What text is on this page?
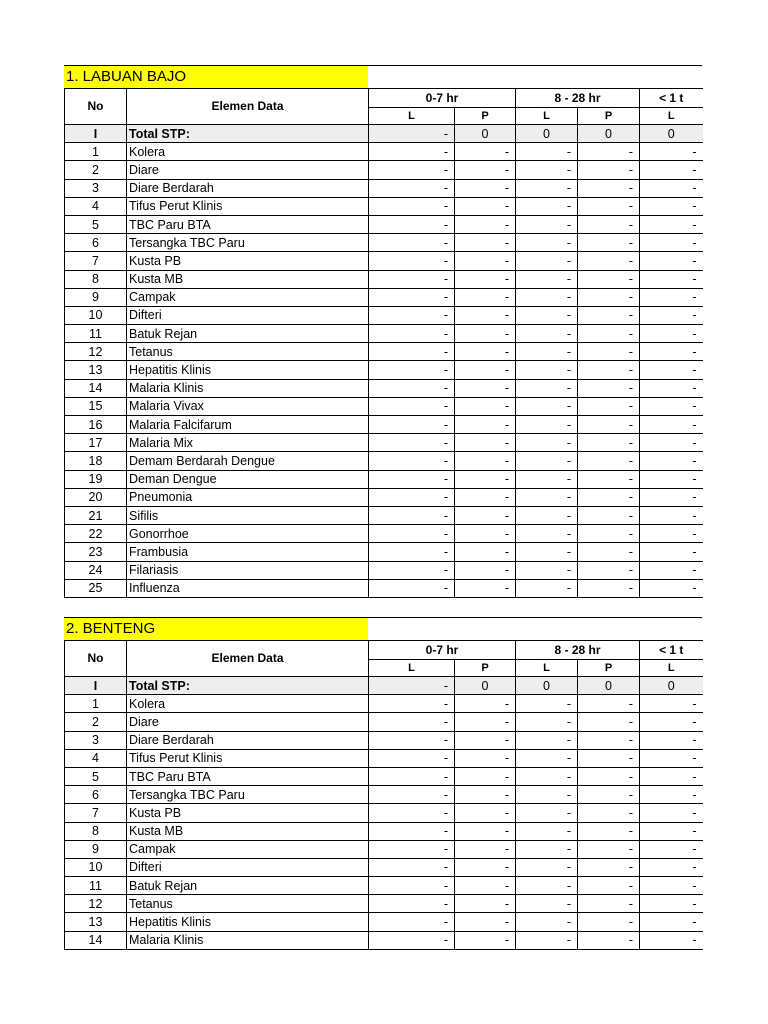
1. LABUAN BAJO
No	Elemen Data	0-7 hr		8 - 28 hr		< 1 t
		L	P	L	P	L
I	Total STP:	-	0	0	0	0
1	Kolera	-	-	-	-	-
2	Diare	-	-	-	-	-
3	Diare Berdarah	-	-	-	-	-
4	Tifus Perut Klinis	-	-	-	-	-
5	TBC Paru BTA	-	-	-	-	-
6	Tersangka TBC Paru	-	-	-	-	-
7	Kusta PB	-	-	-	-	-
8	Kusta MB	-	-	-	-	-
9	Campak	-	-	-	-	-
10	Difteri	-	-	-	-	-
11	Batuk Rejan	-	-	-	-	-
12	Tetanus	-	-	-	-	-
13	Hepatitis Klinis	-	-	-	-	-
14	Malaria Klinis	-	-	-	-	-
15	Malaria Vivax	-	-	-	-	-
16	Malaria Falcifarum	-	-	-	-	-
17	Malaria Mix	-	-	-	-	-
18	Demam Berdarah Dengue	-	-	-	-	-
19	Deman Dengue	-	-	-	-	-
20	Pneumonia	-	-	-	-	-
21	Sifilis	-	-	-	-	-
22	Gonorrhoe	-	-	-	-	-
23	Frambusia	-	-	-	-	-
24	Filariasis	-	-	-	-	-
25	Influenza	-	-	-	-	-
2. BENTENG
No	Elemen Data	0-7 hr		8 - 28 hr		< 1 t
		L	P	L	P	L
I	Total STP:	-	0	0	0	0
1	Kolera	-	-	-	-	-
2	Diare	-	-	-	-	-
3	Diare Berdarah	-	-	-	-	-
4	Tifus Perut Klinis	-	-	-	-	-
5	TBC Paru BTA	-	-	-	-	-
6	Tersangka TBC Paru	-	-	-	-	-
7	Kusta PB	-	-	-	-	-
8	Kusta MB	-	-	-	-	-
9	Campak	-	-	-	-	-
10	Difteri	-	-	-	-	-
11	Batuk Rejan	-	-	-	-	-
12	Tetanus	-	-	-	-	-
13	Hepatitis Klinis	-	-	-	-	-
14	Malaria Klinis	-	-	-	-	-
